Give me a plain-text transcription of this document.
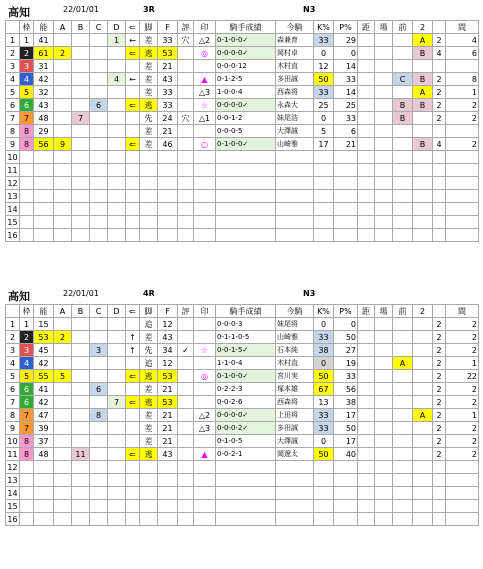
高知	22/01/01	3R	N3
	枠	能	A	B	C	D	⇐	脚	F	評	印	騎手成績	今騎	K%	P%	距	場	前	2		間
1	1	41				1	←	差	33	穴	△2	0-1-0-0✓	森兼育	33	29				A	2	4
2	2	61	2				⇐	逃	53		◎	0-0-0-0✓	岡村卓	0	0				B	4	6
3	3	31						差	21			0-0-0-12	木村直	12	14						
4	4	42				4	←	差	43		▲	0-1-2-5	多田誠	50	33			C	B	2	8
5	5	32						差	33		△3	1-0-0-4	西森将	33	14				A	2	1
6	6	43			6		⇐	逃	33		☆	0-0-0-0✓	永森大	25	25			B	B	2	2
7	7	48		7				先	24	穴	△1	0-0-1-2	妹尾浩	0	33			B		2	2
8	8	29						差	21			0-0-0-5	大澤誠	5	6						
9	8	56	9				⇐	差	46		○	0-1-0-0✓	山崎雅	17	21				B	4	2
10																					
11																					
12																					
13																					
14																					
15																					
16																					
高知	22/01/01	4R	N3
	枠	能	A	B	C	D	⇐	脚	F	評	印	騎手成績	今騎	K%	P%	距	場	前	2		間
1	1	15						追	12			0-0-0-3	妹尾将	0	0					2	2
2	2	53	2				↑	差	43			0-1-1-0-5	山崎雅	33	50					2	2
3	3	45			3		↑	先	34	✓	☆	0-0-1-5✓	石本純	38	27					2	2
4	4	42						追	12			1-1-0-4	木村直	0	19			A		2	1
5	5	55	5				⇐	逃	53		◎	0-1-0-0✓	宮川実	50	33					2	22
6	6	41			6			差	21			0-2-2-3	塚本雄	67	56					2	2
7	6	42				7	⇐	逃	53			0-0-2-6	西森将	13	38					2	2
8	7	47			8			差	21		△2	0-0-0-0✓	上田将	33	17				A	2	1
9	7	39						差	21		△3	0-0-0-2✓	多田誠	33	50					2	2
10	8	37						差	21			0-1-0-5	大澤誠	0	17					2	2
11	8	48		11			⇐	逃	43		▲	0-0-2-1	岡遼太	50	40					2	2
12																					
13																					
14																					
15																					
16																					
